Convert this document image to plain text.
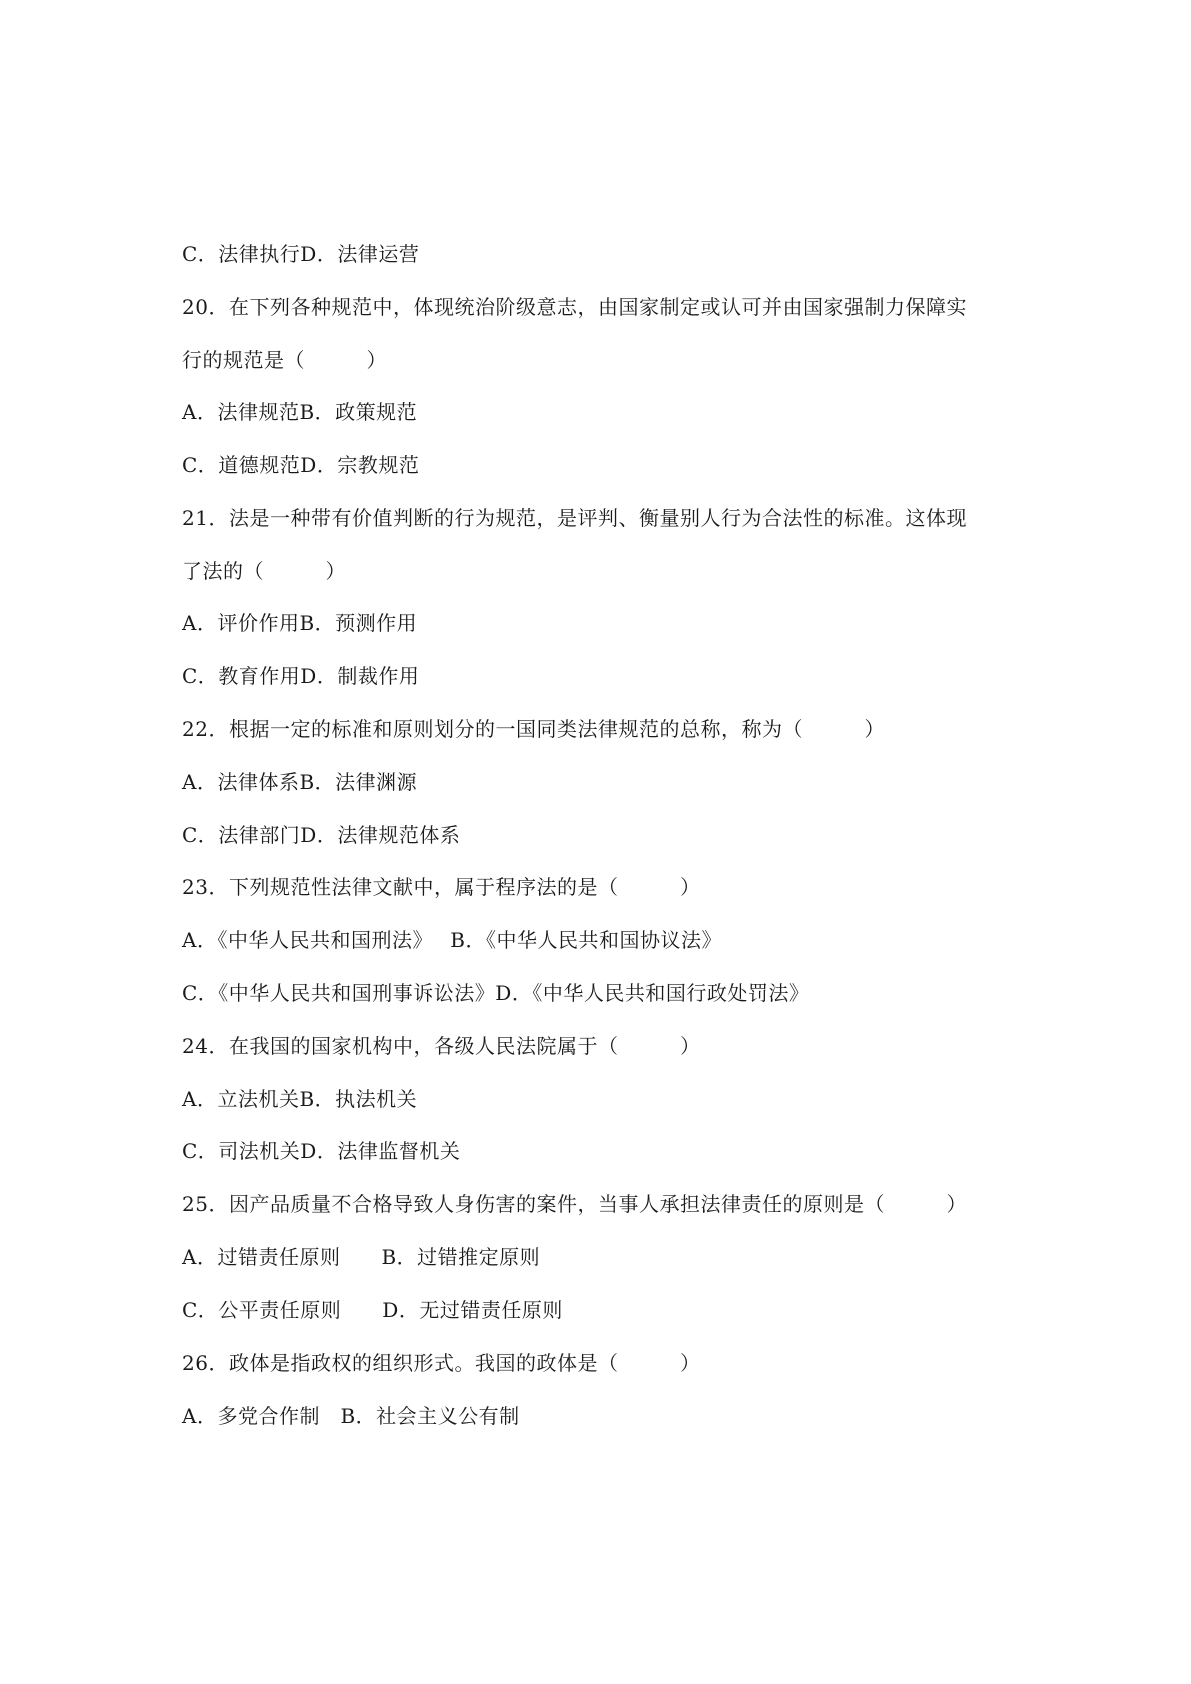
C．法律执行D．法律运营
20．在下列各种规范中，体现统治阶级意志，由国家制定或认可并由国家强制力保障实
行的规范是（　　　）
A．法律规范B．政策规范
C．道德规范D．宗教规范
21．法是一种带有价值判断的行为规范，是评判、衡量别人行为合法性的标准。这体现
了法的（　　　）
A．评价作用B．预测作用
C．教育作用D．制裁作用
22．根据一定的标准和原则划分的一国同类法律规范的总称，称为（　　　）
A．法律体系B．法律渊源
C．法律部门D．法律规范体系
23．下列规范性法律文献中，属于程序法的是（　　　）
A．《中华人民共和国刑法》　 B．《中华人民共和国协议法》
C．《中华人民共和国刑事诉讼法》D．《中华人民共和国行政处罚法》
24．在我国的国家机构中，各级人民法院属于（　　　）
A．立法机关B．执法机关
C．司法机关D．法律监督机关
25．因产品质量不合格导致人身伤害的案件，当事人承担法律责任的原则是（　　　）
A．过错责任原则　　B．过错推定原则
C．公平责任原则　　D．无过错责任原则
26．政体是指政权的组织形式。我国的政体是（　　　）
A．多党合作制　B．社会主义公有制
